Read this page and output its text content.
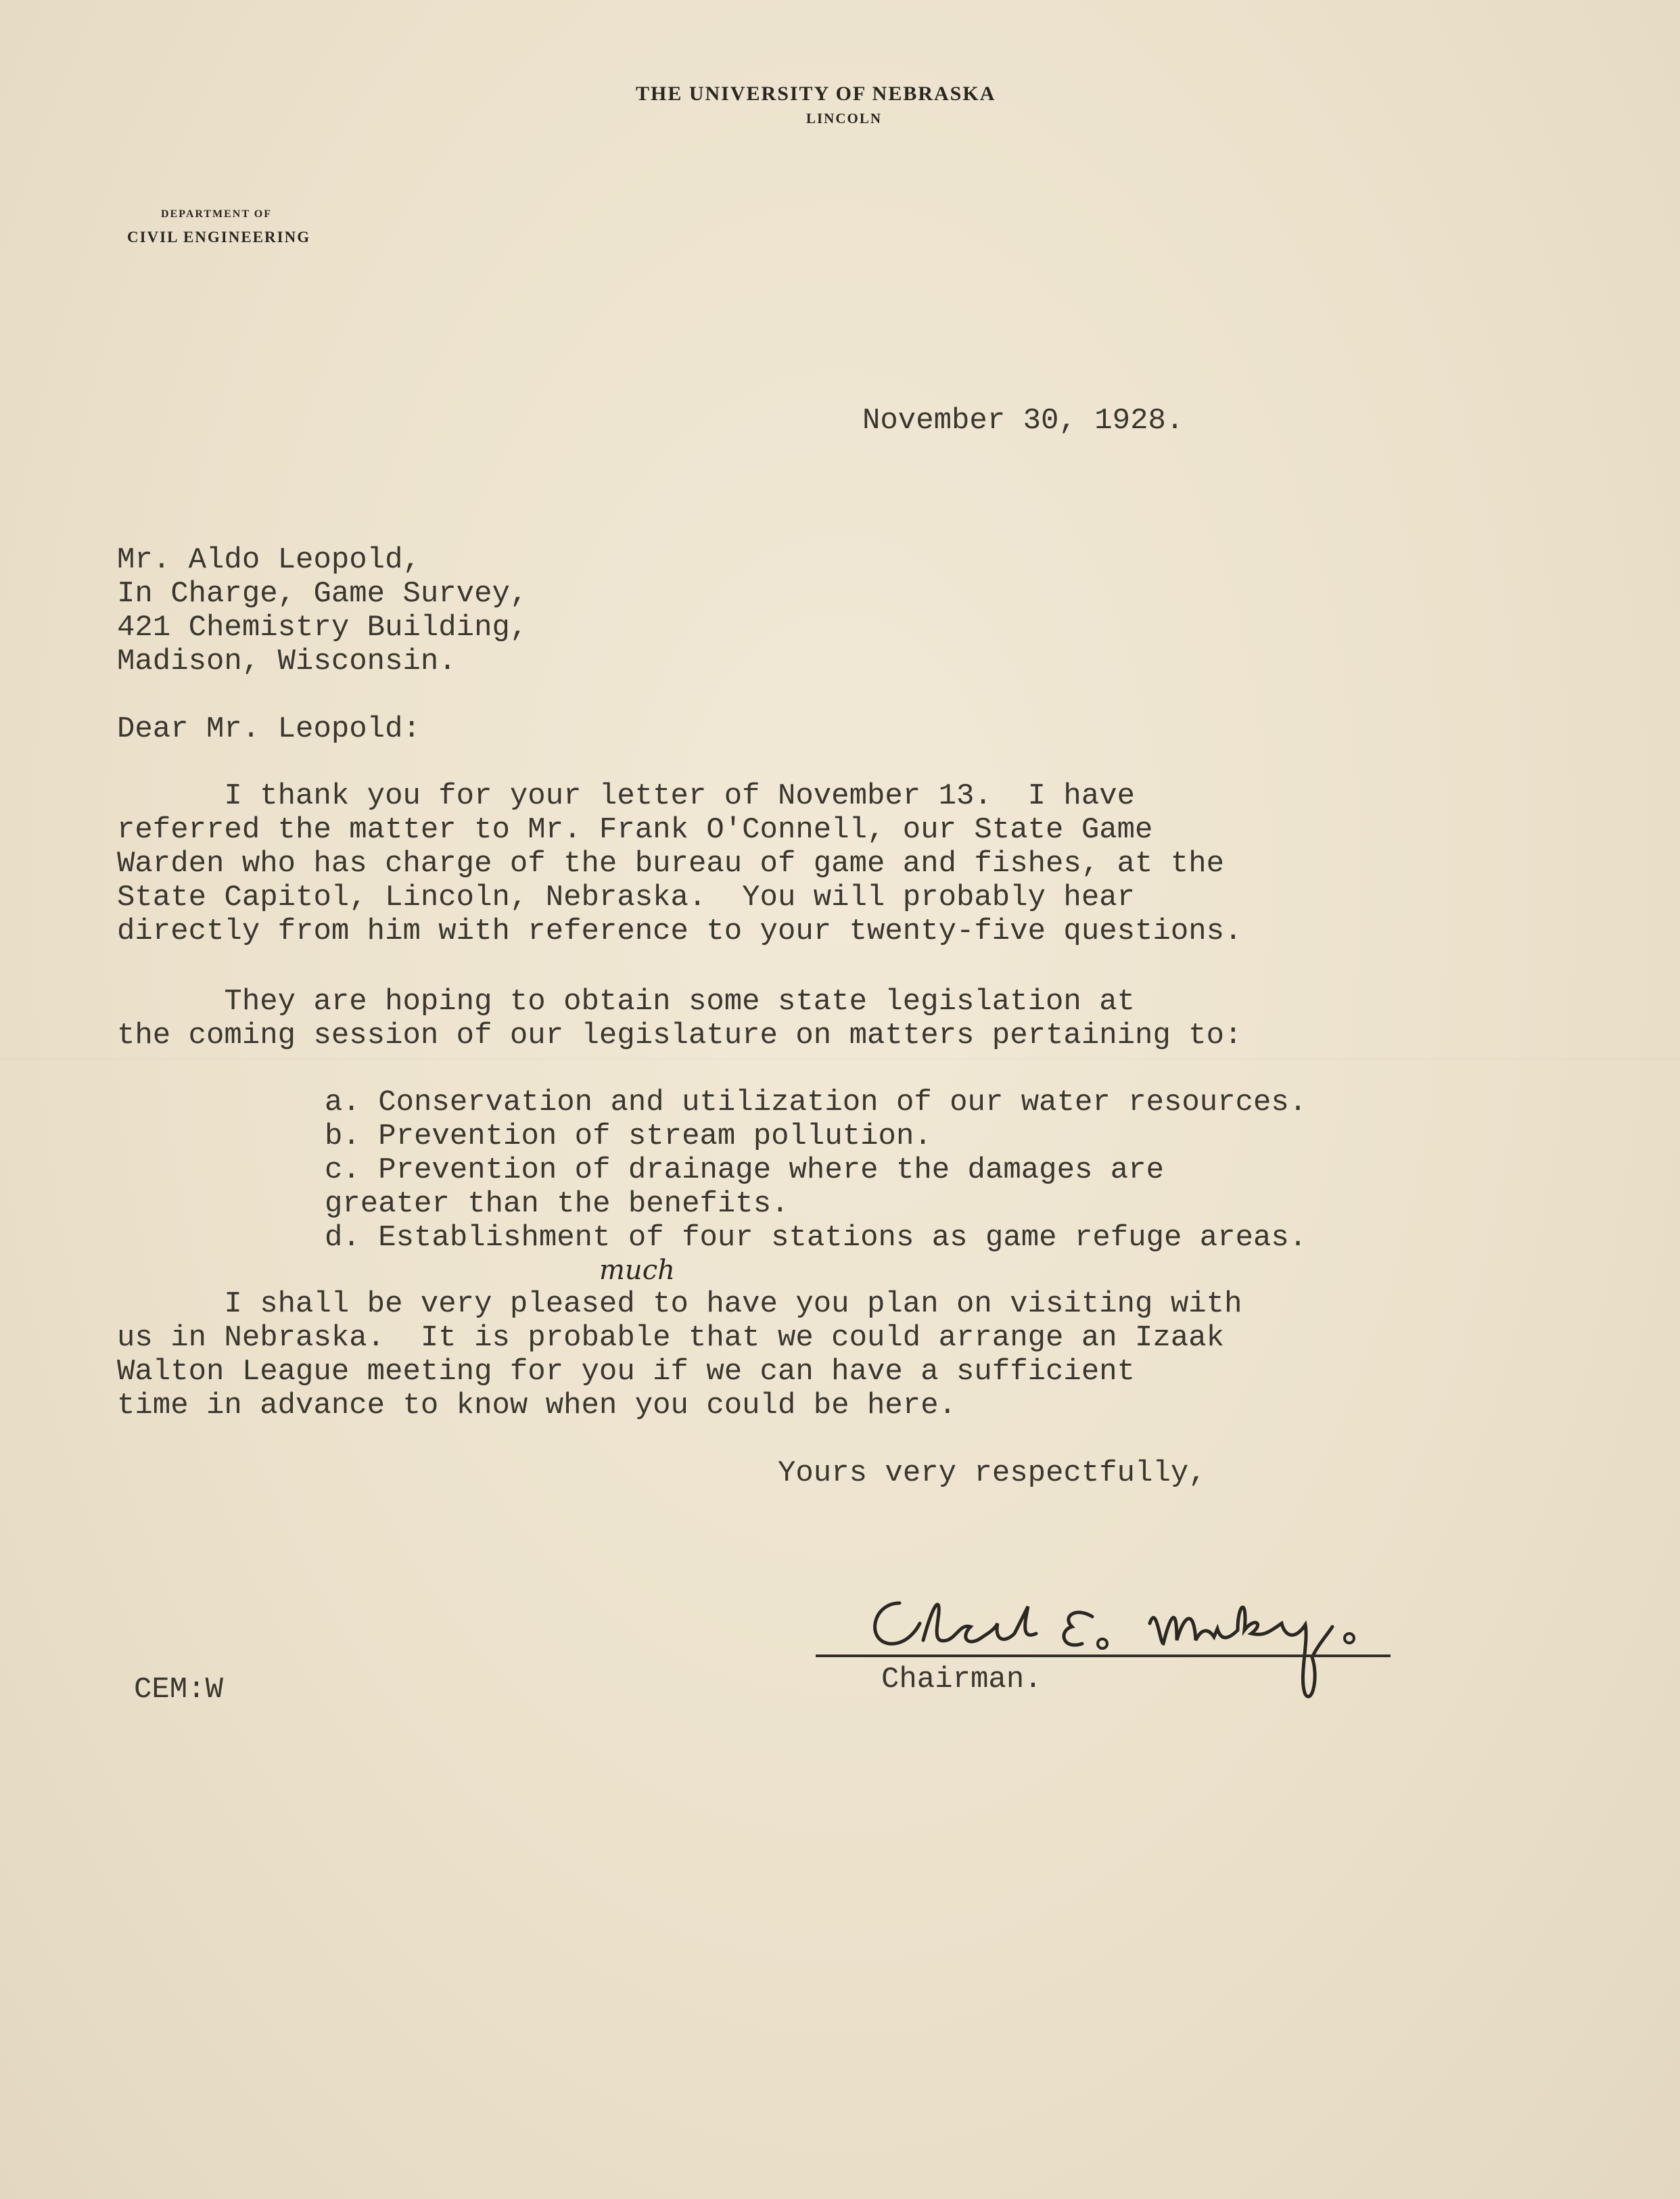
THE UNIVERSITY OF NEBRASKA
LINCOLN
DEPARTMENT OF
CIVIL ENGINEERING
November 30, 1928.
Mr. Aldo Leopold,
In Charge, Game Survey,
421 Chemistry Building,
Madison, Wisconsin.
Dear Mr. Leopold:
I thank you for your letter of November 13.  I have
referred the matter to Mr. Frank O'Connell, our State Game
Warden who has charge of the bureau of game and fishes, at the
State Capitol, Lincoln, Nebraska.  You will probably hear
directly from him with reference to your twenty-five questions.
They are hoping to obtain some state legislation at
the coming session of our legislature on matters pertaining to:
a. Conservation and utilization of our water resources.
b. Prevention of stream pollution.
c. Prevention of drainage where the damages are
greater than the benefits.
d. Establishment of four stations as game refuge areas.
much
I shall be very pleased to have you plan on visiting with
us in Nebraska.  It is probable that we could arrange an Izaak
Walton League meeting for you if we can have a sufficient
time in advance to know when you could be here.
Yours very respectfully,
Chairman.
CEM:W
